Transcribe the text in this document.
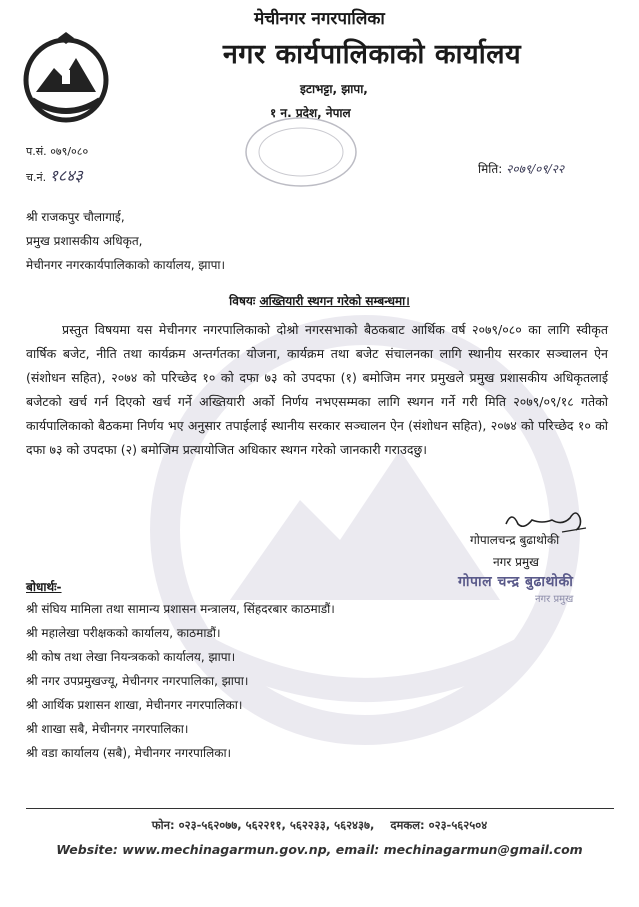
मेचीनगर नगरपालिका
नगर कार्यपालिकाको कार्यालय
इटाभट्टा, झापा,
१ न. प्रदेश, नेपाल
प.सं. ०७९/०८०
च.नं. १८४३	मिति: २०७९/०९/२२
श्री राजकपुर चौलागाई,
प्रमुख प्रशासकीय अधिकृत,
मेचीनगर नगरकार्यपालिकाको कार्यालय, झापा।
विषयः अख्तियारी स्थगन गरेको सम्बन्धमा।
प्रस्तुत विषयमा यस मेचीनगर नगरपालिकाको दोश्रो नगरसभाको बैठकबाट आर्थिक वर्ष २०७९/०८० का लागि स्वीकृत वार्षिक बजेट, नीति तथा कार्यक्रम अन्तर्गतका योजना, कार्यक्रम तथा बजेट संचालनका लागि स्थानीय सरकार सञ्चालन ऐन (संशोधन सहित), २०७४ को परिच्छेद १० को दफा ७३ को उपदफा (१) बमोजिम नगर प्रमुखले प्रमुख प्रशासकीय अधिकृतलाई बजेटको खर्च गर्न दिएको खर्च गर्ने अख्तियारी अर्को निर्णय नभएसम्मका लागि स्थगन गर्ने गरी मिति २०७९/०९/१८ गतेको कार्यपालिकाको बैठकमा निर्णय भए अनुसार तपाईलाई स्थानीय सरकार सञ्चालन ऐन (संशोधन सहित), २०७४ को परिच्छेद १० को दफा ७३ को उपदफा (२) बमोजिम प्रत्यायोजित अधिकार स्थगन गरेको जानकारी गराउदछु।
गोपालचन्द्र बुढाथोकी
नगर प्रमुख
गोपाल चन्द्र बुढाथोकी
नगर प्रमुख
बोधार्थः-
श्री संघिय मामिला तथा सामान्य प्रशासन मन्त्रालय, सिंहदरबार काठमाडौं।
श्री महालेखा परीक्षकको कार्यालय, काठमाडौं।
श्री कोष तथा लेखा नियन्त्रकको कार्यालय, झापा।
श्री नगर उपप्रमुखज्यू, मेचीनगर नगरपालिका, झापा।
श्री आर्थिक प्रशासन शाखा, मेचीनगर नगरपालिका।
श्री शाखा सबै, मेचीनगर नगरपालिका।
श्री वडा कार्यालय (सबै), मेचीनगर नगरपालिका।
फोन: ०२३-५६२०७७, ५६२२११, ५६२२३३, ५६२४३७, दमकल: ०२३-५६२५०४
Website: www.mechinagarmun.gov.np, email: mechinagarmun@gmail.com
